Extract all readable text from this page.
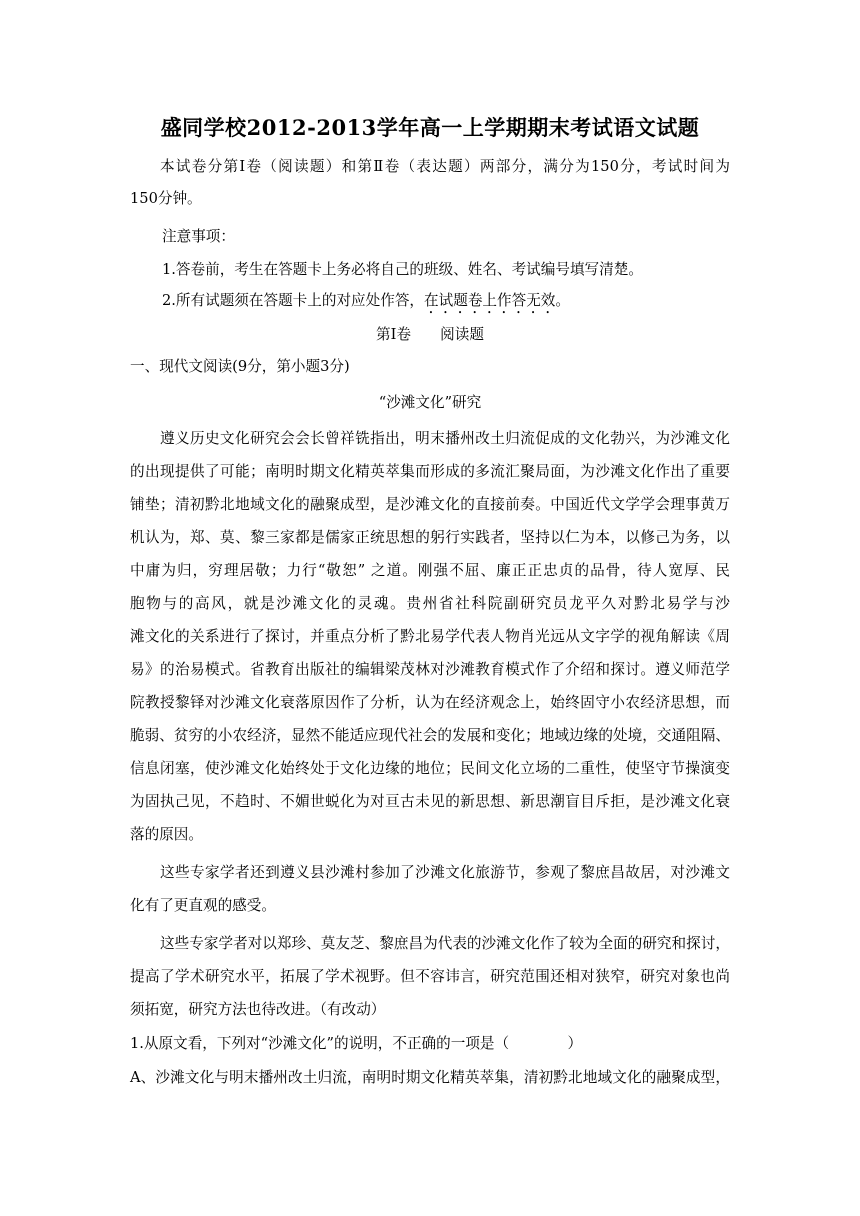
盛同学校2012-2013学年高一上学期期末考试语文试题
本试卷分第Ⅰ卷（阅读题）和第Ⅱ卷（表达题）两部分，满分为150分，考试时间为
150分钟。
注意事项：
1.答卷前，考生在答题卡上务必将自己的班级、姓名、考试编号填写清楚。
2.所有试题须在答题卡上的对应处作答，在试题卷上作答无效。
第Ⅰ卷　　阅读题
一、现代文阅读(9分，第小题3分)
“沙滩文化”研究
遵义历史文化研究会会长曾祥铣指出，明末播州改土归流促成的文化勃兴，为沙滩文化
的出现提供了可能；南明时期文化精英萃集而形成的多流汇聚局面，为沙滩文化作出了重要
铺垫；清初黔北地域文化的融聚成型，是沙滩文化的直接前奏。中国近代文学学会理事黄万
机认为，郑、莫、黎三家都是儒家正统思想的躬行实践者，坚持以仁为本，以修己为务，以
中庸为归，穷理居敬；力行“敬恕” 之道。刚强不屈、廉正正忠贞的品骨，待人宽厚、民
胞物与的高风，就是沙滩文化的灵魂。贵州省社科院副研究员龙平久对黔北易学与沙
滩文化的关系进行了探讨，并重点分析了黔北易学代表人物肖光远从文字学的视角解读《周
易》的治易模式。省教育出版社的编辑梁茂林对沙滩教育模式作了介绍和探讨。遵义师范学
院教授黎铎对沙滩文化衰落原因作了分析，认为在经济观念上，始终固守小农经济思想，而
脆弱、贫穷的小农经济，显然不能适应现代社会的发展和变化；地域边缘的处境，交通阻隔、
信息闭塞，使沙滩文化始终处于文化边缘的地位；民间文化立场的二重性，使坚守节操演变
为固执己见，不趋时、不媚世蜕化为对亘古未见的新思想、新思潮盲目斥拒，是沙滩文化衰
落的原因。
这些专家学者还到遵义县沙滩村参加了沙滩文化旅游节，参观了黎庶昌故居，对沙滩文
化有了更直观的感受。
这些专家学者对以郑珍、莫友芝、黎庶昌为代表的沙滩文化作了较为全面的研究和探讨，
提高了学术研究水平，拓展了学术视野。但不容讳言，研究范围还相对狭窄，研究对象也尚
须拓宽，研究方法也待改进。（有改动）
1.从原文看，下列对“沙滩文化”的说明，不正确的一项是（　　　　）
A、沙滩文化与明末播州改土归流，南明时期文化精英萃集，清初黔北地域文化的融聚成型，
